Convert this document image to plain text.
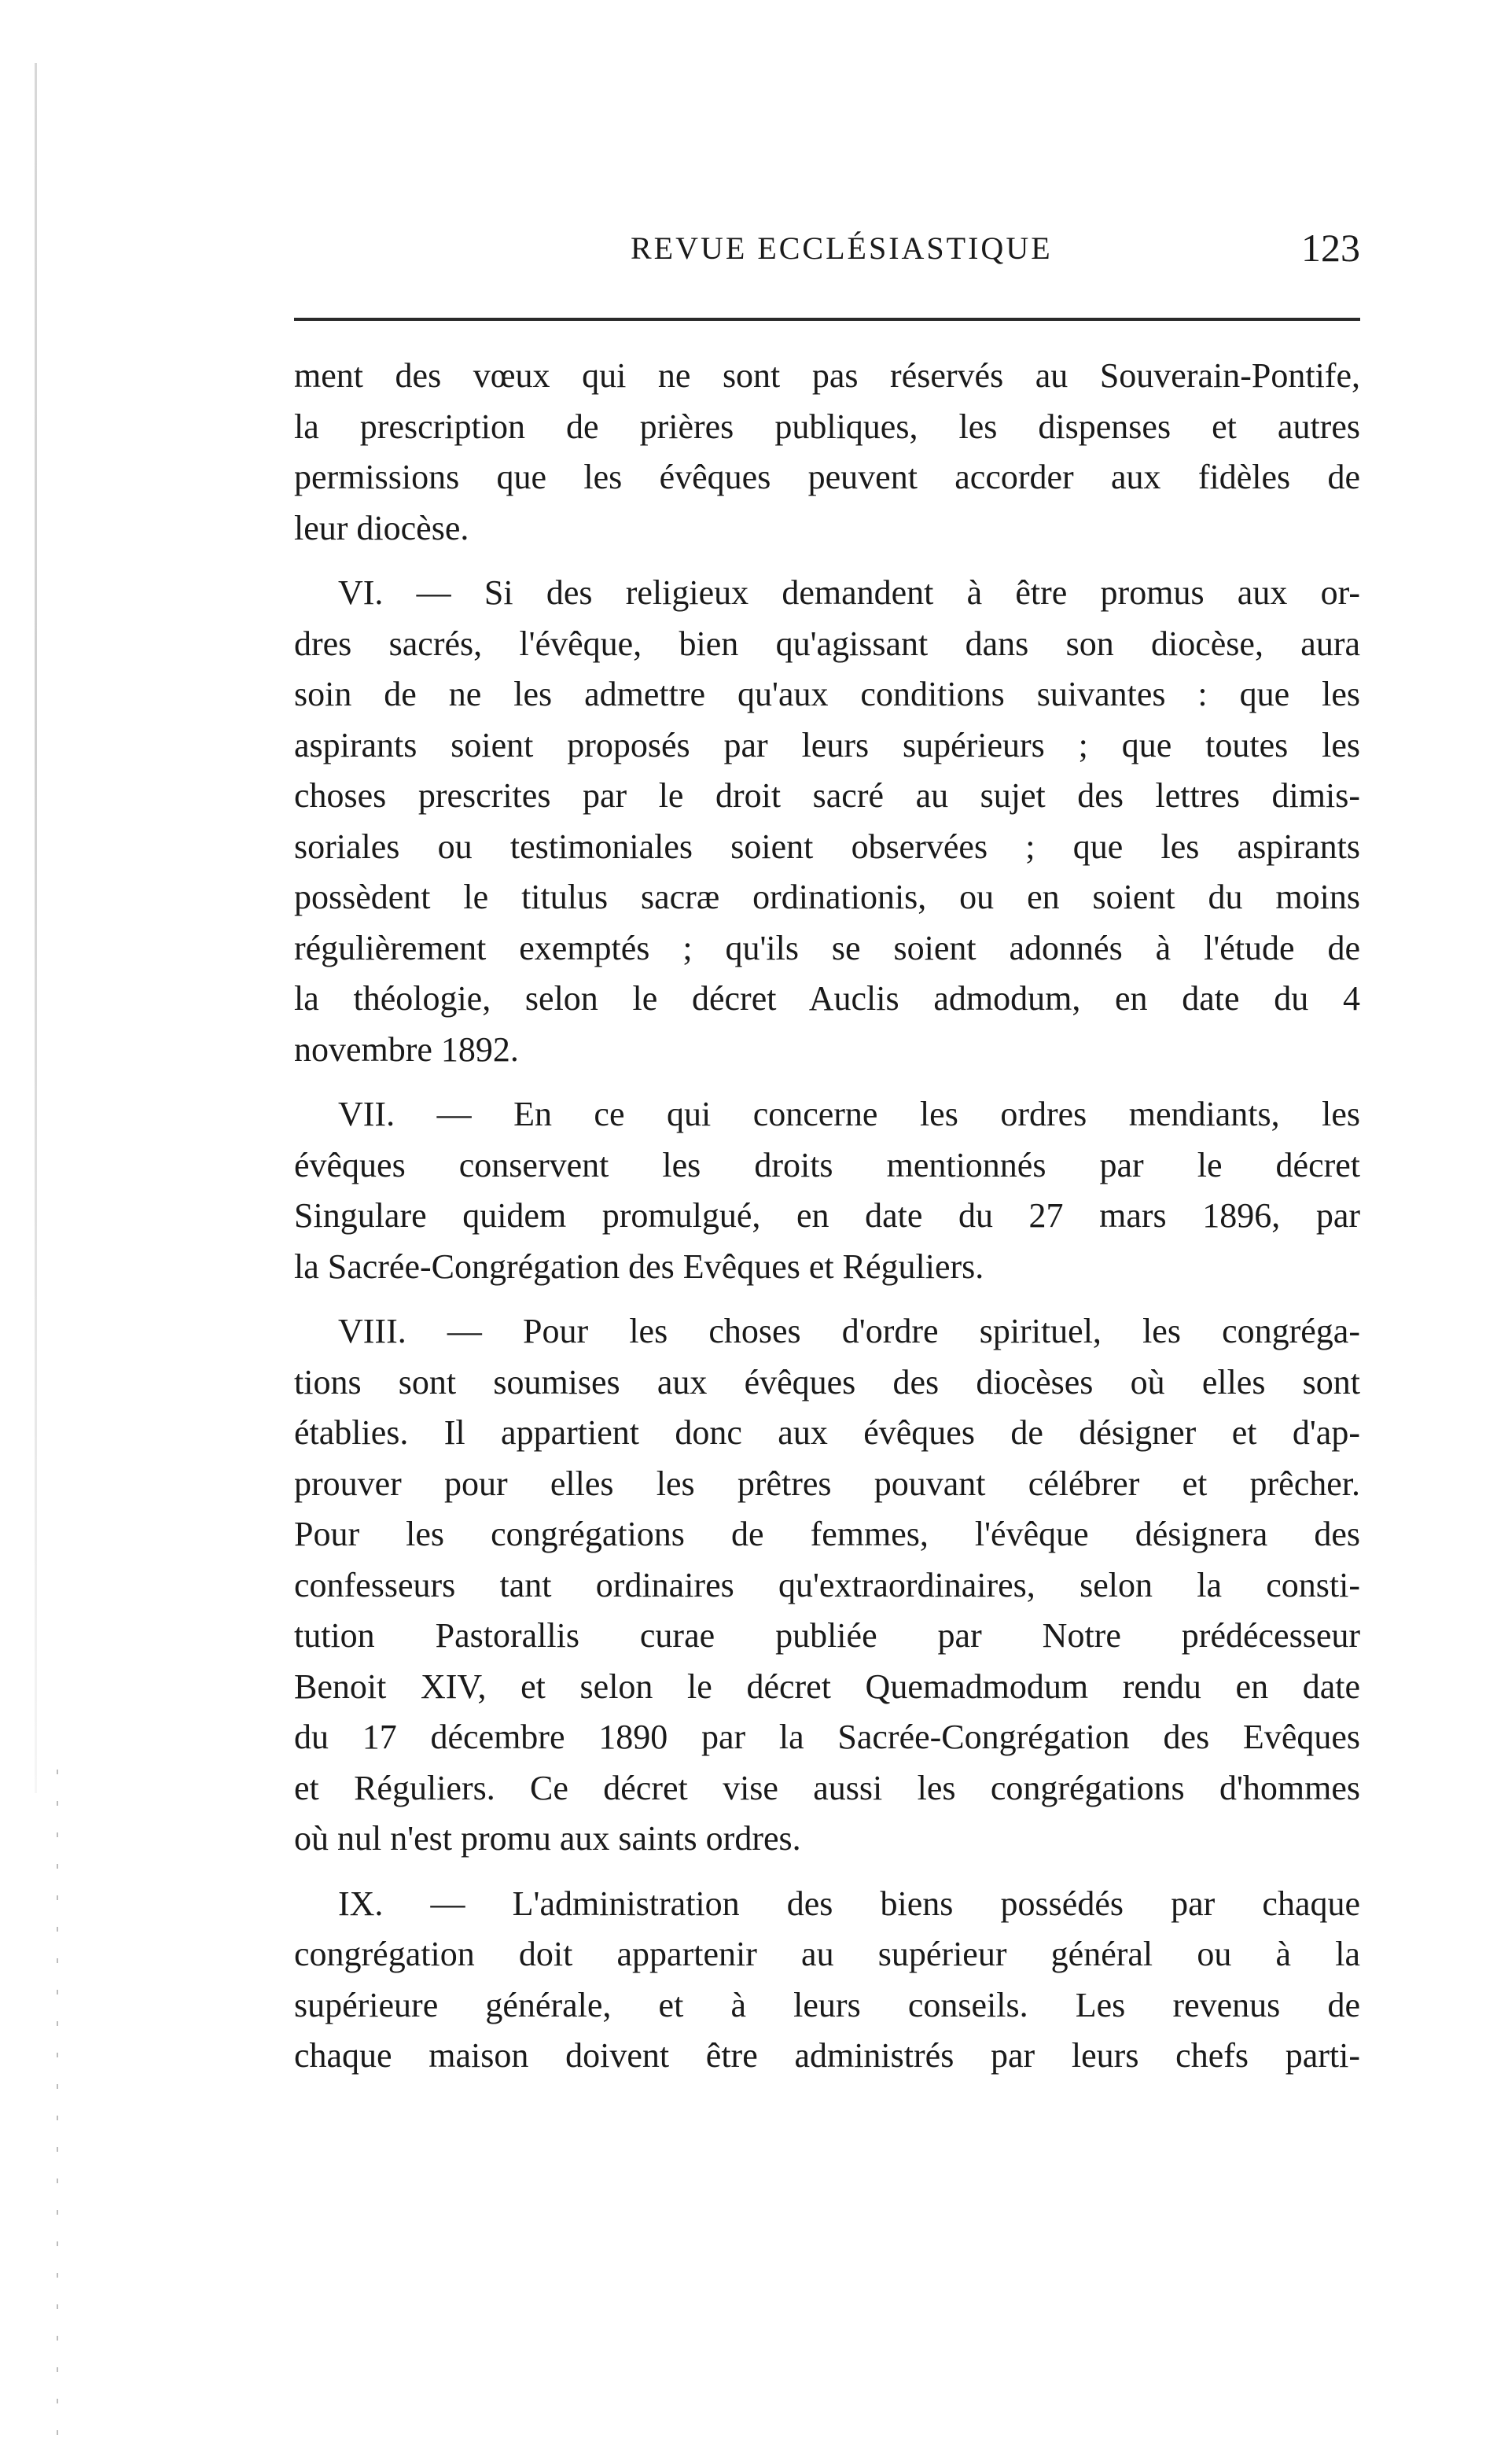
REVUE ECCLÉSIASTIQUE	123
ment des vœux qui ne sont pas réservés au Souverain-Pontife,
la prescription de prières publiques, les dispenses et autres
permissions que les évêques peuvent accorder aux fidèles de
leur diocèse.
VI. — Si des religieux demandent à être promus aux or-
dres sacrés, l'évêque, bien qu'agissant dans son diocèse, aura
soin de ne les admettre qu'aux conditions suivantes : que les
aspirants soient proposés par leurs supérieurs ; que toutes les
choses prescrites par le droit sacré au sujet des lettres dimis-
soriales ou testimoniales soient observées ; que les aspirants
possèdent le titulus sacræ ordinationis, ou en soient du moins
régulièrement exemptés ; qu'ils se soient adonnés à l'étude de
la théologie, selon le décret Auclis admodum, en date du 4
novembre 1892.
VII. — En ce qui concerne les ordres mendiants, les
évêques conservent les droits mentionnés par le décret
Singulare quidem promulgué, en date du 27 mars 1896, par
la Sacrée-Congrégation des Evêques et Réguliers.
VIII. — Pour les choses d'ordre spirituel, les congréga-
tions sont soumises aux évêques des diocèses où elles sont
établies. Il appartient donc aux évêques de désigner et d'ap-
prouver pour elles les prêtres pouvant célébrer et prêcher.
Pour les congrégations de femmes, l'évêque désignera des
confesseurs tant ordinaires qu'extraordinaires, selon la consti-
tution Pastorallis curae publiée par Notre prédécesseur
Benoit XIV, et selon le décret Quemadmodum rendu en date
du 17 décembre 1890 par la Sacrée-Congrégation des Evêques
et Réguliers. Ce décret vise aussi les congrégations d'hommes
où nul n'est promu aux saints ordres.
IX. — L'administration des biens possédés par chaque
congrégation doit appartenir au supérieur général ou à la
supérieure générale, et à leurs conseils. Les revenus de
chaque maison doivent être administrés par leurs chefs parti-
